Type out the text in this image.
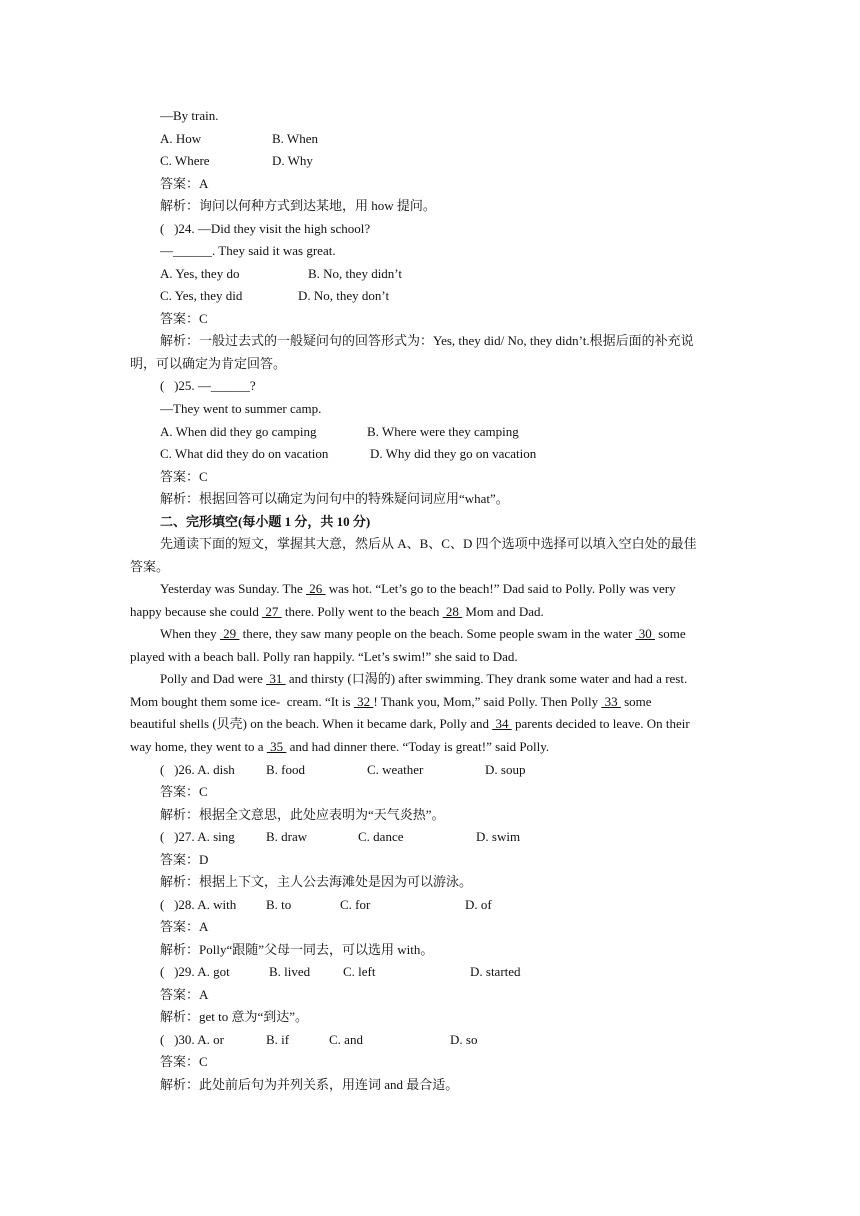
—By train.
A. How	B. When
C. Where	D. Why
答案：A
解析：询问以何种方式到达某地，用 how 提问。
(   )24. —Did they visit the high school?
—______. They said it was great.
A. Yes, they do	B. No, they didn’t
C. Yes, they did	D. No, they don’t
答案：C
解析：一般过去式的一般疑问句的回答形式为：Yes, they did/ No, they didn’t.根据后面的补充说
明，可以确定为肯定回答。
(   )25. —______?
—They went to summer camp.
A. When did they go camping	B. Where were they camping
C. What did they do on vacation	D. Why did they go on vacation
答案：C
解析：根据回答可以确定为问句中的特殊疑问词应用“what”。
二、完形填空(每小题 1 分，共 10 分)
先通读下面的短文，掌握其大意，然后从 A、B、C、D 四个选项中选择可以填入空白处的最佳
答案。
Yesterday was Sunday. The  26  was hot. “Let’s go to the beach!” Dad said to Polly. Polly was very
happy because she could  27  there. Polly went to the beach  28  Mom and Dad.
When they  29  there, they saw many people on the beach. Some people swam in the water  30  some
played with a beach ball. Polly ran happily. “Let’s swim!” she said to Dad.
Polly and Dad were  31  and thirsty (口渴的) after swimming. They drank some water and had a rest.
Mom bought them some ice-  cream. “It is  32 ! Thank you, Mom,” said Polly. Then Polly  33  some
beautiful shells (贝壳) on the beach. When it became dark, Polly and  34  parents decided to leave. On their
way home, they went to a  35  and had dinner there. “Today is great!” said Polly.
(   )26. A. dish B. food	C. weather	D. soup
答案：C
解析：根据全文意思，此处应表明为“天气炎热”。
(   )27. A. sing B. draw	C. dance	D. swim
答案：D
解析：根据上下文，主人公去海滩处是因为可以游泳。
(   )28. A. with B. to	C. for	D. of
答案：A
解析：Polly“跟随”父母一同去，可以选用 with。
(   )29. A. got	B. lived	C. left	D. started
答案：A
解析：get to 意为“到达”。
(   )30. A. or	B. if	C. and	D. so
答案：C
解析：此处前后句为并列关系，用连词 and 最合适。
